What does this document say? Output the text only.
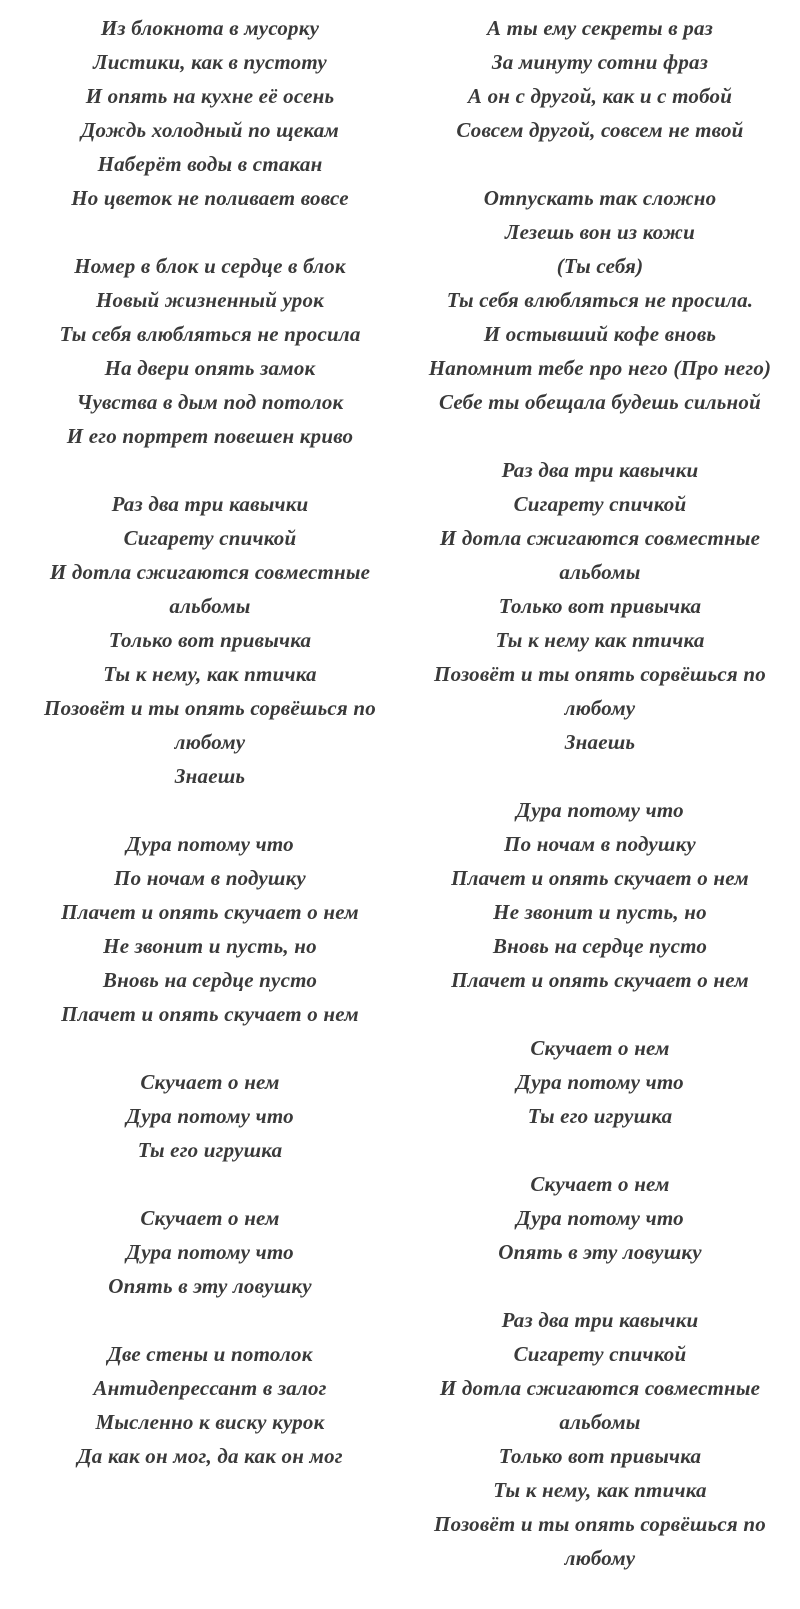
Из блокнота в мусорку
Листики, как в пустоту
И опять на кухне её осень
Дождь холодный по щекам
Наберёт воды в стакан
Но цветок не поливает вовсе
Номер в блок и сердце в блок
Новый жизненный урок
Ты себя влюбляться не просила
На двери опять замок
Чувства в дым под потолок
И его портрет повешен криво
Раз два три кавычки
Сигарету спичкой
И дотла сжигаются совместные
альбомы
Только вот привычка
Ты к нему, как птичка
Позовёт и ты опять сорвёшься по
любому
Знаешь
Дура потому что
По ночам в подушку
Плачет и опять скучает о нем
Не звонит и пусть, но
Вновь на сердце пусто
Плачет и опять скучает о нем
Скучает о нем
Дура потому что
Ты его игрушка
Скучает о нем
Дура потому что
Опять в эту ловушку
Две стены и потолок
Антидепрессант в залог
Мысленно к виску курок
Да как он мог, да как он мог
А ты ему секреты в раз
За минуту сотни фраз
А он с другой, как и с тобой
Совсем другой, совсем не твой
Отпускать так сложно
Лезешь вон из кожи
(Ты себя)
Ты себя влюбляться не просила.
И остывший кофе вновь
Напомнит тебе про него (Про него)
Себе ты обещала будешь сильной
Раз два три кавычки
Сигарету спичкой
И дотла сжигаются совместные
альбомы
Только вот привычка
Ты к нему как птичка
Позовёт и ты опять сорвёшься по
любому
Знаешь
Дура потому что
По ночам в подушку
Плачет и опять скучает о нем
Не звонит и пусть, но
Вновь на сердце пусто
Плачет и опять скучает о нем
Скучает о нем
Дура потому что
Ты его игрушка
Скучает о нем
Дура потому что
Опять в эту ловушку
Раз два три кавычки
Сигарету спичкой
И дотла сжигаются совместные
альбомы
Только вот привычка
Ты к нему, как птичка
Позовёт и ты опять сорвёшься по
любому
